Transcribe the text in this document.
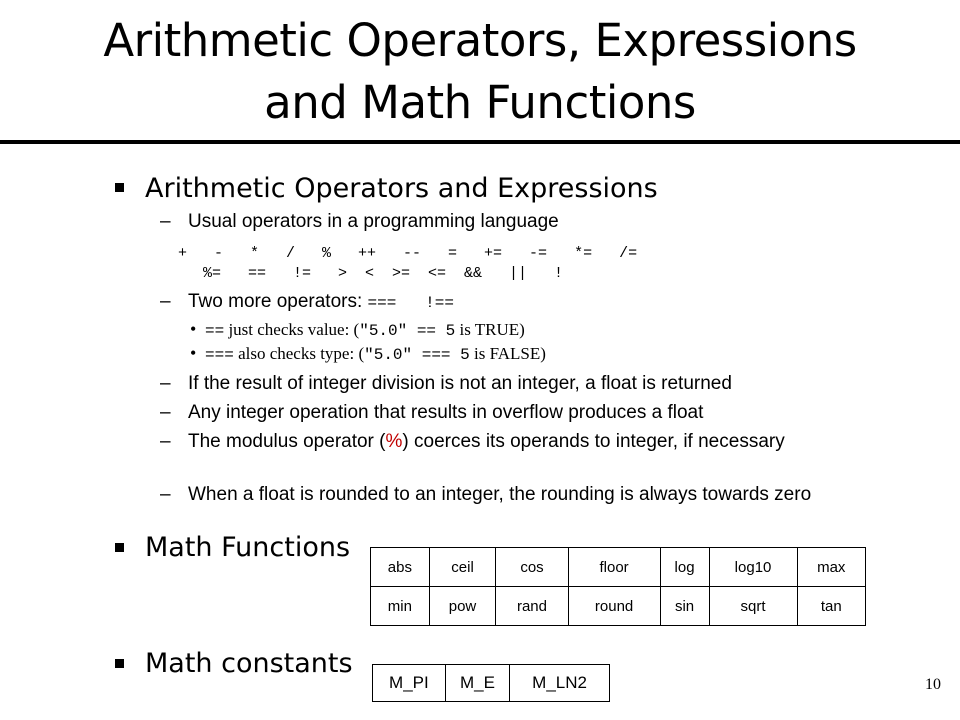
Arithmetic Operators, Expressions
and Math Functions
Arithmetic Operators and Expressions
– Usual operators in a programming language
+   -   *   /   %   ++   --   =   +=   -=   *=   /=
%=   ==   !=   >  <  >=  <=  &&   ||   !
– Two more operators: ===   !==
• == just checks value: ("5.0" == 5 is TRUE)
• === also checks type: ("5.0" === 5 is FALSE)
– If the result of integer division is not an integer, a float is returned
– Any integer operation that results in overflow produces a float
– The modulus operator (%) coerces its operands to integer, if necessary
– When a float is rounded to an integer, the rounding is always towards zero
Math Functions
abs	ceil	cos	floor	log	log10	max
min	pow	rand	round	sin	sqrt	tan
Math constants
M_PI	M_E	M_LN2	10
